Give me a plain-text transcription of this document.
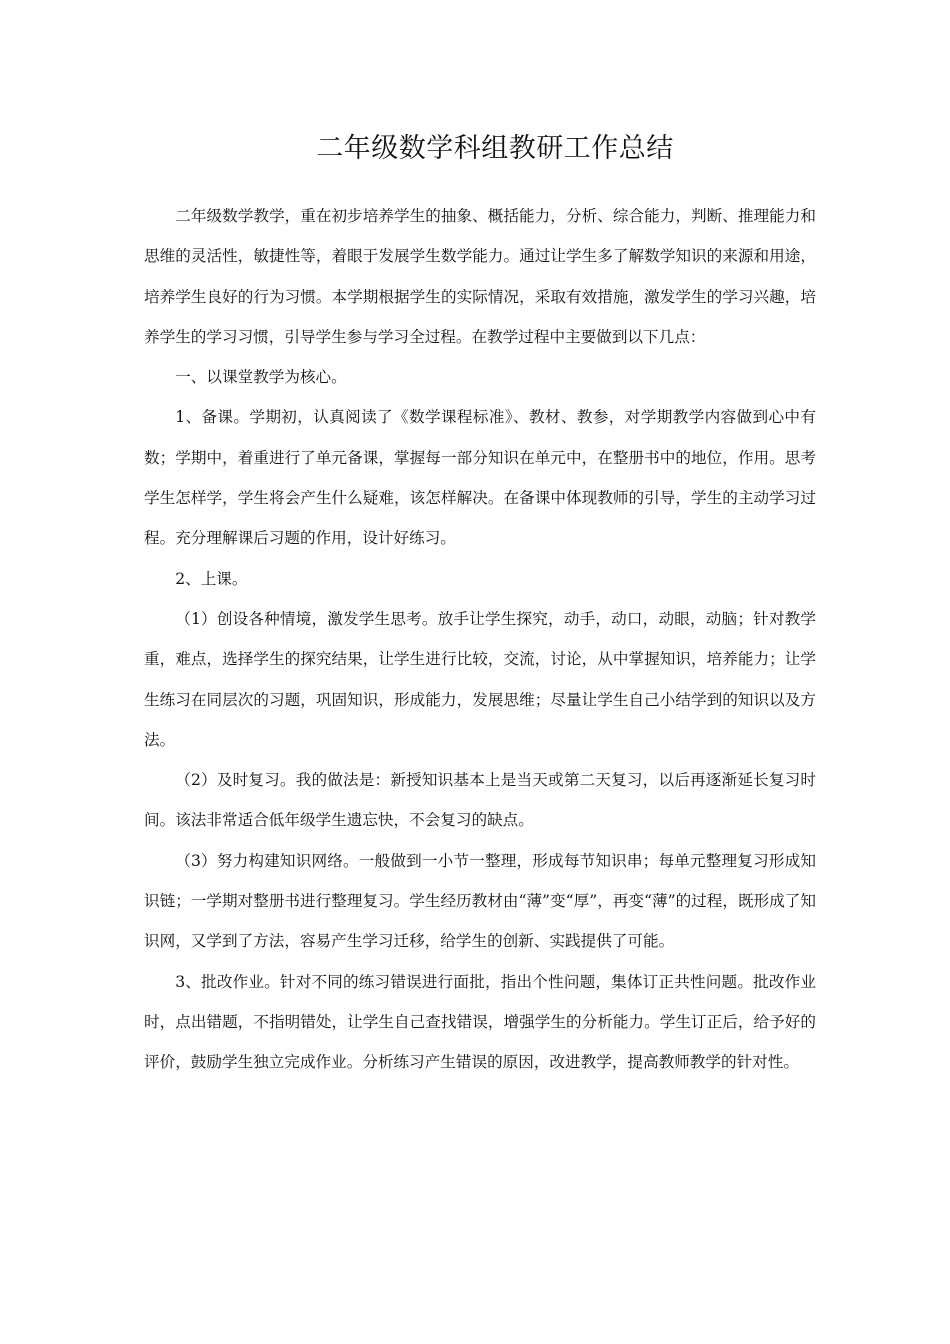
二年级数学科组教研工作总结

二年级数学教学，重在初步培养学生的抽象、概括能力，分析、综合能力，判断、推理能力和思维的灵活性，敏捷性等，着眼于发展学生数学能力。通过让学生多了解数学知识的来源和用途，培养学生良好的行为习惯。本学期根据学生的实际情况，采取有效措施，激发学生的学习兴趣，培养学生的学习习惯，引导学生参与学习全过程。在教学过程中主要做到以下几点：

一、以课堂教学为核心。

1、备课。学期初，认真阅读了《数学课程标准》、教材、教参，对学期教学内容做到心中有数；学期中，着重进行了单元备课，掌握每一部分知识在单元中，在整册书中的地位，作用。思考学生怎样学，学生将会产生什么疑难，该怎样解决。在备课中体现教师的引导，学生的主动学习过程。充分理解课后习题的作用，设计好练习。

2、上课。

（1）创设各种情境，激发学生思考。放手让学生探究，动手，动口，动眼，动脑；针对教学重，难点，选择学生的探究结果，让学生进行比较，交流，讨论，从中掌握知识，培养能力；让学生练习在同层次的习题，巩固知识，形成能力，发展思维；尽量让学生自己小结学到的知识以及方法。

（2）及时复习。我的做法是：新授知识基本上是当天或第二天复习，以后再逐渐延长复习时间。该法非常适合低年级学生遗忘快，不会复习的缺点。

（3）努力构建知识网络。一般做到一小节一整理，形成每节知识串；每单元整理复习形成知识链；一学期对整册书进行整理复习。学生经历教材由“薄”变“厚”，再变“薄”的过程，既形成了知识网，又学到了方法，容易产生学习迁移，给学生的创新、实践提供了可能。

3、批改作业。针对不同的练习错误进行面批，指出个性问题，集体订正共性问题。批改作业时，点出错题，不指明错处，让学生自己查找错误，增强学生的分析能力。学生订正后，给予好的评价，鼓励学生独立完成作业。分析练习产生错误的原因，改进教学，提高教师教学的针对性。
